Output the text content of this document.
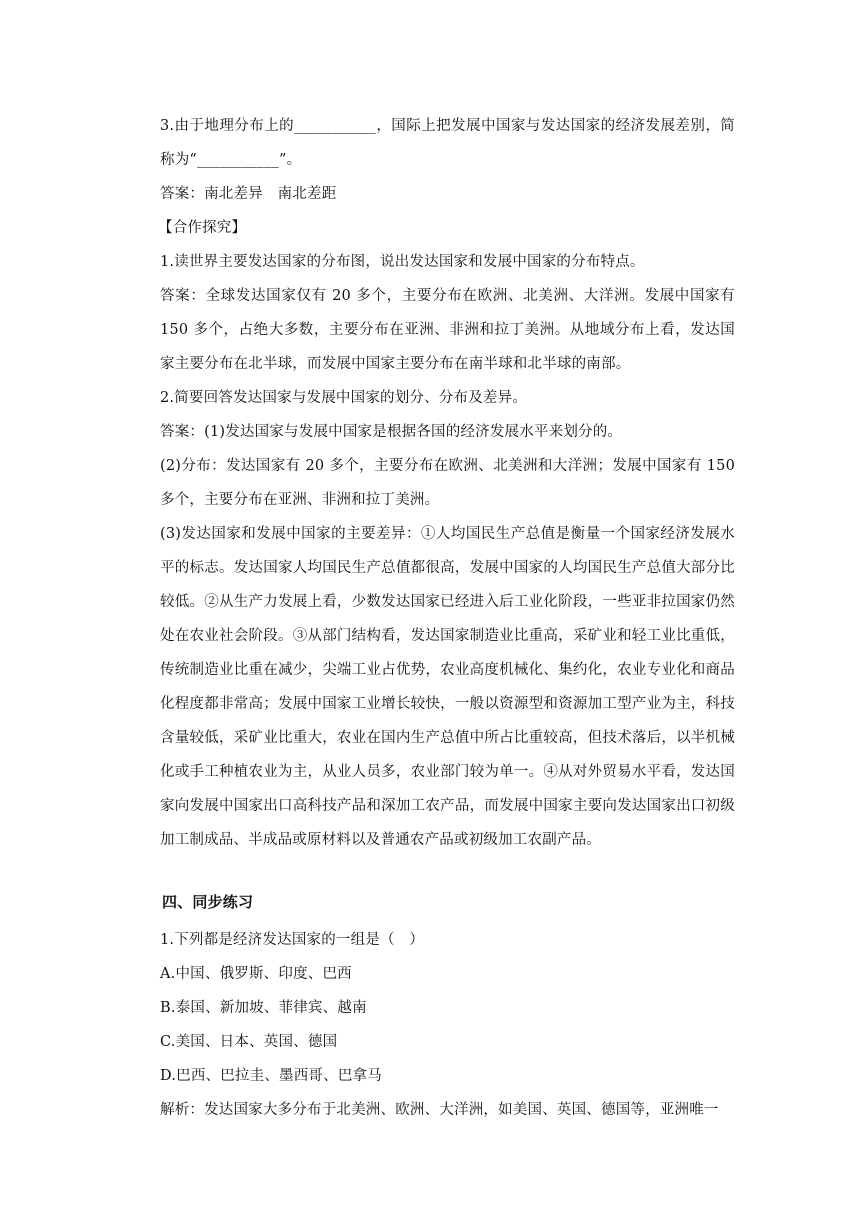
3.由于地理分布上的___________，国际上把发展中国家与发达国家的经济发展差别，简称为“___________”。

答案：南北差异　南北差距

【合作探究】

1.读世界主要发达国家的分布图，说出发达国家和发展中国家的分布特点。

答案：全球发达国家仅有 20 多个，主要分布在欧洲、北美洲、大洋洲。发展中国家有 150 多个，占绝大多数，主要分布在亚洲、非洲和拉丁美洲。从地域分布上看，发达国家主要分布在北半球，而发展中国家主要分布在南半球和北半球的南部。

2.简要回答发达国家与发展中国家的划分、分布及差异。

答案：(1)发达国家与发展中国家是根据各国的经济发展水平来划分的。

(2)分布：发达国家有 20 多个，主要分布在欧洲、北美洲和大洋洲；发展中国家有 150 多个，主要分布在亚洲、非洲和拉丁美洲。

(3)发达国家和发展中国家的主要差异：①人均国民生产总值是衡量一个国家经济发展水平的标志。发达国家人均国民生产总值都很高，发展中国家的人均国民生产总值大部分比较低。②从生产力发展上看，少数发达国家已经进入后工业化阶段，一些亚非拉国家仍然处在农业社会阶段。③从部门结构看，发达国家制造业比重高，采矿业和轻工业比重低，传统制造业比重在减少，尖端工业占优势，农业高度机械化、集约化，农业专业化和商品化程度都非常高；发展中国家工业增长较快，一般以资源型和资源加工型产业为主，科技含量较低，采矿业比重大，农业在国内生产总值中所占比重较高，但技术落后，以半机械化或手工种植农业为主，从业人员多，农业部门较为单一。④从对外贸易水平看，发达国家向发展中国家出口高科技产品和深加工农产品，而发展中国家主要向发达国家出口初级加工制成品、半成品或原材料以及普通农产品或初级加工农副产品。

四、同步练习

1.下列都是经济发达国家的一组是（　）

A.中国、俄罗斯、印度、巴西

B.泰国、新加坡、菲律宾、越南

C.美国、日本、英国、德国

D.巴西、巴拉圭、墨西哥、巴拿马

解析：发达国家大多分布于北美洲、欧洲、大洋洲，如美国、英国、德国等，亚洲唯一
